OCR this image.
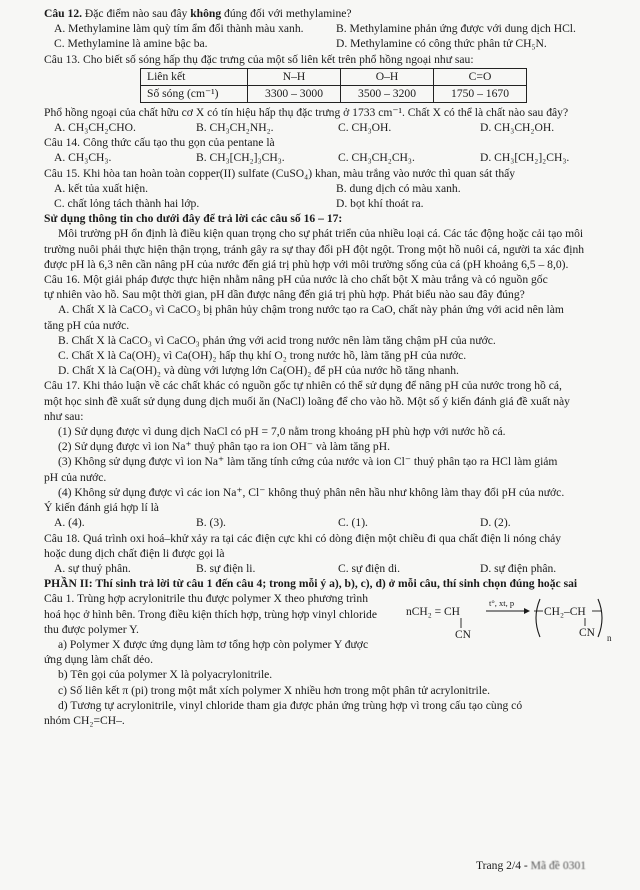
Câu 12. Đặc điểm nào sau đây không đúng đối với methylamine?
A. Methylamine làm quỳ tím ẩm đổi thành màu xanh.	B. Methylamine phản ứng được với dung dịch HCl.
C. Methylamine là amine bậc ba.	D. Methylamine có công thức phân tử CH₅N.
Câu 13. Cho biết số sóng hấp thụ đặc trưng của một số liên kết trên phổ hồng ngoại như sau:
Liên kết	N–H	O–H	C=O
Số sóng (cm⁻¹)	3300 – 3000	3500 – 3200	1750 – 1670
Phổ hồng ngoại của chất hữu cơ X có tín hiệu hấp thụ đặc trưng ở 1733 cm⁻¹. Chất X có thể là chất nào sau đây?
A. CH₃CH₂CHO.	B. CH₃CH₂NH₂.	C. CH₃OH.	D. CH₃CH₂OH.
Câu 14. Công thức cấu tạo thu gọn của pentane là
A. CH₃CH₃.	B. CH₃[CH₂]₃CH₃.	C. CH₃CH₂CH₃.	D. CH₃[CH₂]₂CH₃.
Câu 15. Khi hòa tan hoàn toàn copper(II) sulfate (CuSO₄) khan, màu trắng vào nước thì quan sát thấy
A. kết tủa xuất hiện.	B. dung dịch có màu xanh.
C. chất lỏng tách thành hai lớp.	D. bọt khí thoát ra.
Sử dụng thông tin cho dưới đây để trả lời các câu số 16 – 17:
Môi trường pH ổn định là điều kiện quan trọng cho sự phát triển của nhiều loại cá. Các tác động hoặc cải tạo môi
trường nuôi phải thực hiện thận trọng, tránh gây ra sự thay đổi pH đột ngột. Trong một hồ nuôi cá, người ta xác định
được pH là 6,3 nên cần nâng pH của nước đến giá trị phù hợp với môi trường sống của cá (pH khoảng 6,5 – 8,0).
Câu 16. Một giải pháp được thực hiện nhằm nâng pH của nước là cho chất bột X màu trắng và có nguồn gốc
tự nhiên vào hồ. Sau một thời gian, pH dần được nâng đến giá trị phù hợp. Phát biểu nào sau đây đúng?
A. Chất X là CaCO₃ vì CaCO₃ bị phân hủy chậm trong nước tạo ra CaO, chất này phản ứng với acid nên làm
tăng pH của nước.
B. Chất X là CaCO₃ vì CaCO₃ phản ứng với acid trong nước nên làm tăng chậm pH của nước.
C. Chất X là Ca(OH)₂ vì Ca(OH)₂ hấp thụ khí O₂ trong nước hồ, làm tăng pH của nước.
D. Chất X là Ca(OH)₂ và dùng với lượng lớn Ca(OH)₂ để pH của nước hồ tăng nhanh.
Câu 17. Khi thảo luận về các chất khác có nguồn gốc tự nhiên có thể sử dụng để nâng pH của nước trong hồ cá,
một học sinh đề xuất sử dụng dung dịch muối ăn (NaCl) loãng để cho vào hồ. Một số ý kiến đánh giá đề xuất này
như sau:
(1) Sử dụng được vì dung dịch NaCl có pH = 7,0 nằm trong khoảng pH phù hợp với nước hồ cá.
(2) Sử dụng được vì ion Na⁺ thuỷ phân tạo ra ion OH⁻ và làm tăng pH.
(3) Không sử dụng được vì ion Na⁺ làm tăng tính cứng của nước và ion Cl⁻ thuỷ phân tạo ra HCl làm giảm
pH của nước.
(4) Không sử dụng được vì các ion Na⁺, Cl⁻ không thuỷ phân nên hầu như không làm thay đổi pH của nước.
Ý kiến đánh giá hợp lí là
A. (4).	B. (3).	C. (1).	D. (2).
Câu 18. Quá trình oxi hoá–khử xảy ra tại các điện cực khi có dòng điện một chiều đi qua chất điện li nóng chảy
hoặc dung dịch chất điện li được gọi là
A. sự thuỷ phân.	B. sự điện li.	C. sự điện di.	D. sự điện phân.
PHẦN II: Thí sinh trả lời từ câu 1 đến câu 4; trong mỗi ý a), b), c), d) ở mỗi câu, thí sinh chọn đúng hoặc sai
Câu 1. Trùng hợp acrylonitrile thu được polymer X theo phương trình
hoá học ở hình bên. Trong điều kiện thích hợp, trùng hợp vinyl chloride
thu được polymer Y.
a) Polymer X được ứng dụng làm tơ tổng hợp còn polymer Y được
ứng dụng làm chất dẻo.
nCH₂ = CH
CN
t°, xt, p
CH₂–CH
CN n
b) Tên gọi của polymer X là polyacrylonitrile.
c) Số liên kết π (pi) trong một mắt xích polymer X nhiều hơn trong một phân tử acrylonitrile.
d) Tương tự acrylonitrile, vinyl chloride tham gia được phản ứng trùng hợp vì trong cấu tạo cùng có
nhóm CH₂=CH–.
Trang 2/4 - Mã đề 0301
